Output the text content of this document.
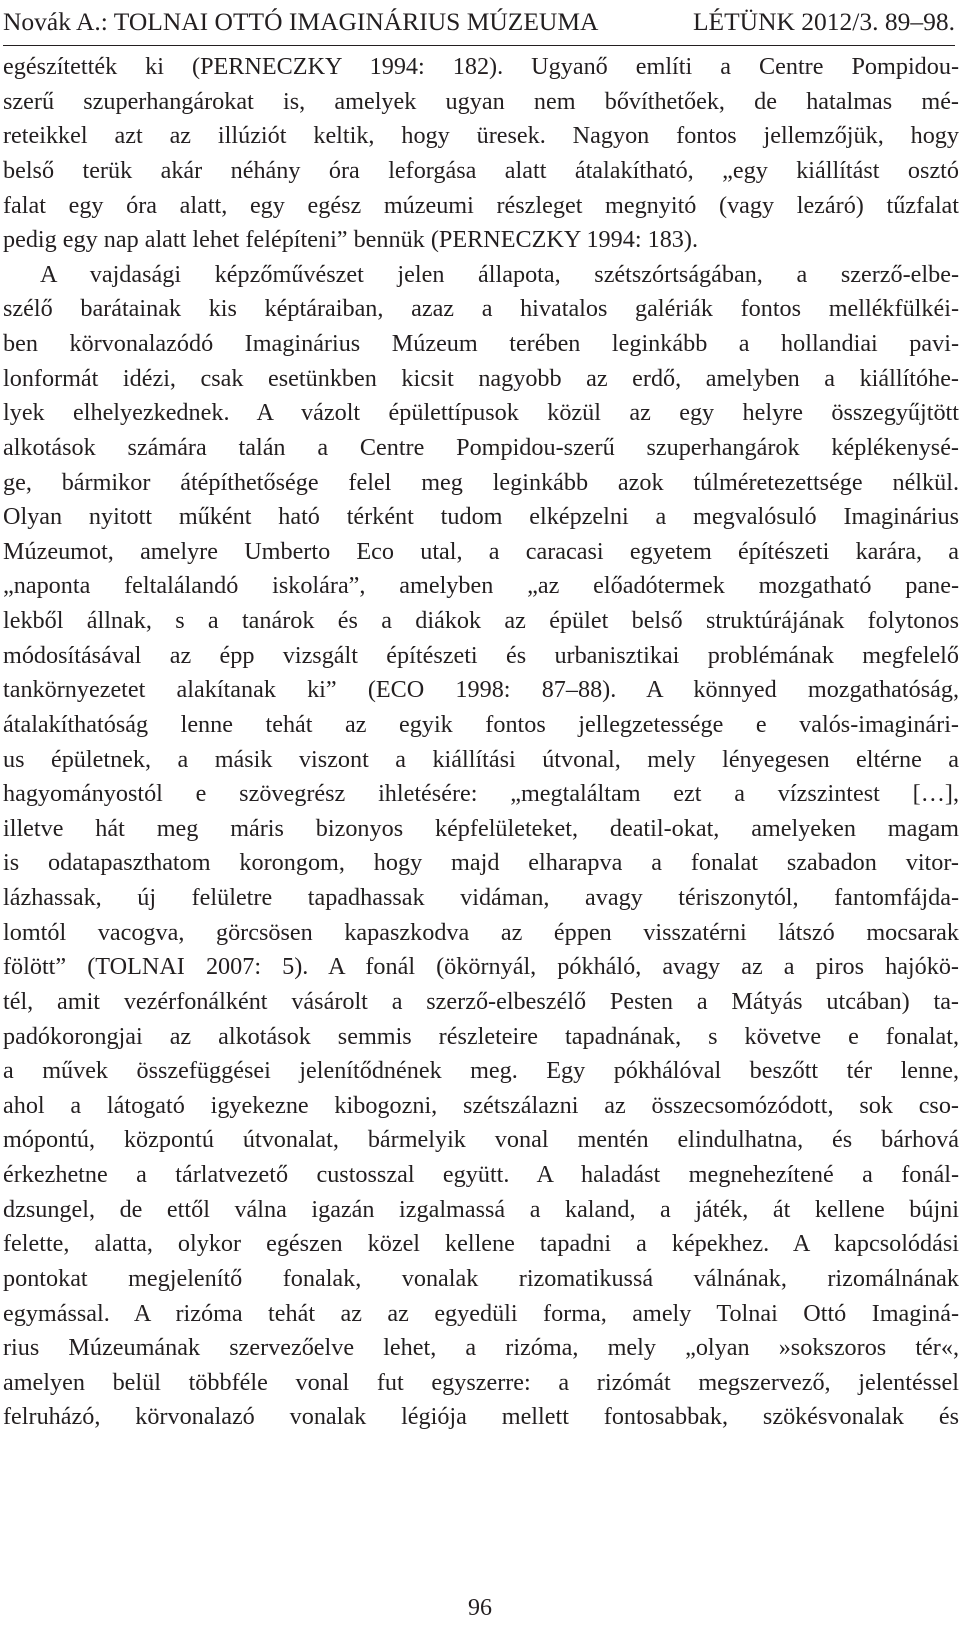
Novák A.: TOLNAI OTTÓ IMAGINÁRIUS MÚZEUMA	LÉTÜNK 2012/3. 89–98.
egészítették ki (PERNECZKY 1994: 182). Ugyanő említi a Centre Pompidou-
szerű szuperhangárokat is, amelyek ugyan nem bővíthetőek, de hatalmas mé-
reteikkel azt az illúziót keltik, hogy üresek. Nagyon fontos jellemzőjük, hogy
belső terük akár néhány óra leforgása alatt átalakítható, „egy kiállítást osztó
falat egy óra alatt, egy egész múzeumi részleget megnyitó (vagy lezáró) tűzfalat
pedig egy nap alatt lehet felépíteni” bennük (PERNECZKY 1994: 183).
A vajdasági képzőművészet jelen állapota, szétszórtságában, a szerző-elbe-
szélő barátainak kis képtáraiban, azaz a hivatalos galériák fontos mellékfülkéi-
ben körvonalazódó Imaginárius Múzeum terében leginkább a hollandiai pavi-
lonformát idézi, csak esetünkben kicsit nagyobb az erdő, amelyben a kiállítóhe-
lyek elhelyezkednek. A vázolt épülettípusok közül az egy helyre összegyűjtött
alkotások számára talán a Centre Pompidou-szerű szuperhangárok képlékenysé-
ge, bármikor átépíthetősége felel meg leginkább azok túlméretezettsége nélkül.
Olyan nyitott műként ható térként tudom elképzelni a megvalósuló Imaginárius
Múzeumot, amelyre Umberto Eco utal, a caracasi egyetem építészeti karára, a
„naponta feltalálandó iskolára”, amelyben „az előadótermek mozgatható pane-
lekből állnak, s a tanárok és a diákok az épület belső struktúrájának folytonos
módosításával az épp vizsgált építészeti és urbanisztikai problémának megfelelő
tankörnyezetet alakítanak ki” (ECO 1998: 87–88). A könnyed mozgathatóság,
átalakíthatóság lenne tehát az egyik fontos jellegzetessége e valós-imaginári-
us épületnek, a másik viszont a kiállítási útvonal, mely lényegesen eltérne a
hagyományostól e szövegrész ihletésére: „megtaláltam ezt a vízszintest […],
illetve hát meg máris bizonyos képfelületeket, deatil-okat, amelyeken magam
is odatapaszthatom korongom, hogy majd elharapva a fonalat szabadon vitor-
lázhassak, új felületre tapadhassak vidáman, avagy tériszonytól, fantomfájda-
lomtól vacogva, görcsösen kapaszkodva az éppen visszatérni látszó mocsarak
fölött” (TOLNAI 2007: 5). A fonál (ökörnyál, pókháló, avagy az a piros hajókö-
tél, amit vezérfonálként vásárolt a szerző-elbeszélő Pesten a Mátyás utcában) ta-
padókorongjai az alkotások semmis részleteire tapadnának, s követve e fonalat,
a művek összefüggései jelenítődnének meg. Egy pókhálóval beszőtt tér lenne,
ahol a látogató igyekezne kibogozni, szétszálazni az összecsomózódott, sok cso-
mópontú, központú útvonalat, bármelyik vonal mentén elindulhatna, és bárhová
érkezhetne a tárlatvezető custosszal együtt. A haladást megnehezítené a fonál-
dzsungel, de ettől válna igazán izgalmassá a kaland, a játék, át kellene bújni
felette, alatta, olykor egészen közel kellene tapadni a képekhez. A kapcsolódási
pontokat megjelenítő fonalak, vonalak rizomatikussá válnának, rizomálnának
egymással. A rizóma tehát az az egyedüli forma, amely Tolnai Ottó Imaginá-
rius Múzeumának szervezőelve lehet, a rizóma, mely „olyan »sokszoros tér«,
amelyen belül többféle vonal fut egyszerre: a rizómát megszervező, jelentéssel
felruházó, körvonalazó vonalak légiója mellett fontosabbak, szökésvonalak és
96
